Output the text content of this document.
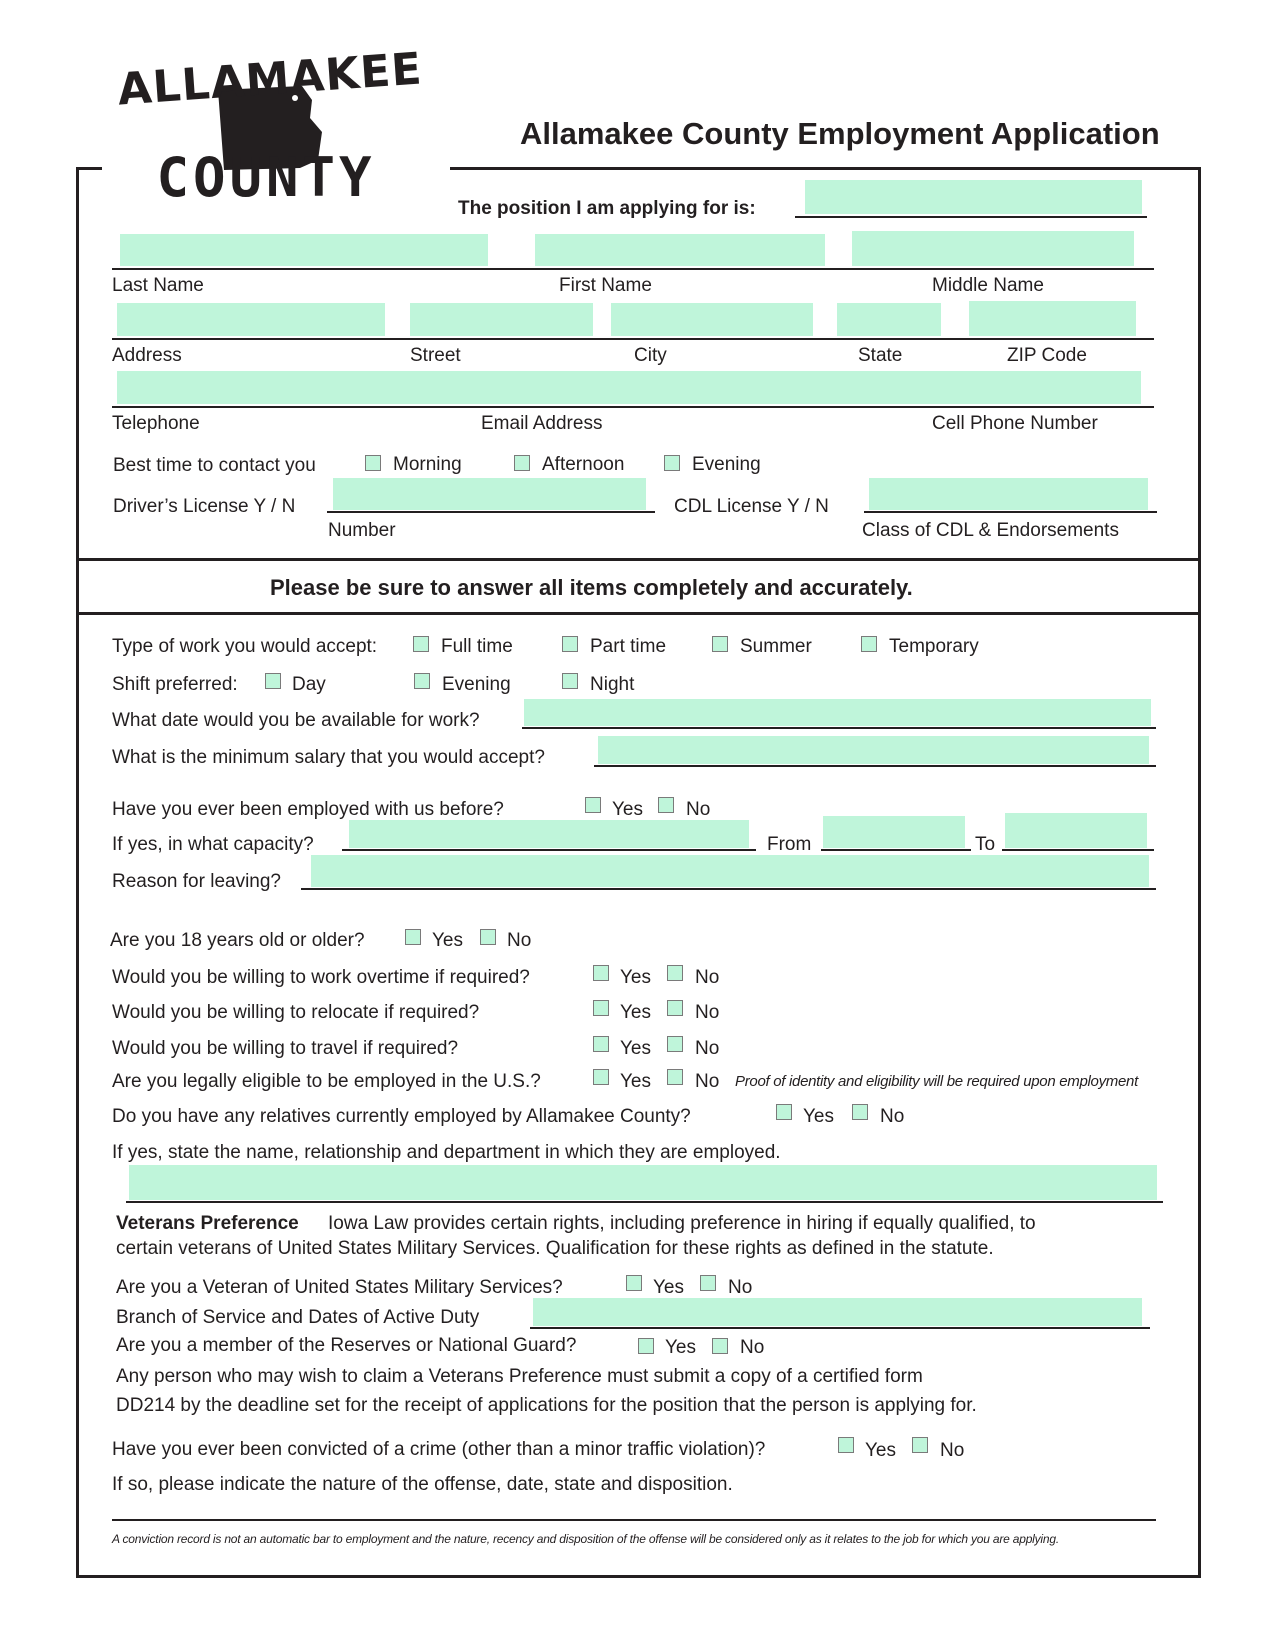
ALLAMAKEE
COUNTY
Allamakee County Employment Application
The position I am applying for is:
Last Name	First Name	Middle Name
Address	Street	City	State	ZIP Code
Telephone	Email Address	Cell Phone Number
Best time to contact you	Morning	Afternoon	Evening
Driver’s License Y / N
Number
CDL License Y / N
Class of CDL & Endorsements
Please be sure to answer all items completely and accurately.
Type of work you would accept:	Full time	Part time	Summer	Temporary
Shift preferred:	Day	Evening	Night
What date would you be available for work?
What is the minimum salary that you would accept?
Have you ever been employed with us before?	Yes No
If yes, in what capacity?	From	To
Reason for leaving?
Are you 18 years old or older?	Yes No
Would you be willing to work overtime if required?	Yes No
Would you be willing to relocate if required?	Yes No
Would you be willing to travel if required?	Yes No
Are you legally eligible to be employed in the U.S.?	Yes No Proof of identity and eligibility will be required upon employment
Do you have any relatives currently employed by Allamakee County?	Yes No
If yes, state the name, relationship and department in which they are employed.
Veterans Preference Iowa Law provides certain rights, including preference in hiring if equally qualified, to
certain veterans of United States Military Services. Qualification for these rights as defined in the statute.
Are you a Veteran of United States Military Services?	Yes No
Branch of Service and Dates of Active Duty
Are you a member of the Reserves or National Guard?	Yes No
Any person who may wish to claim a Veterans Preference must submit a copy of a certified form
DD214 by the deadline set for the receipt of applications for the position that the person is applying for.
Have you ever been convicted of a crime (other than a minor traffic violation)?	Yes No
If so, please indicate the nature of the offense, date, state and disposition.
A conviction record is not an automatic bar to employment and the nature, recency and disposition of the offense will be considered only as it relates to the job for which you are applying.
